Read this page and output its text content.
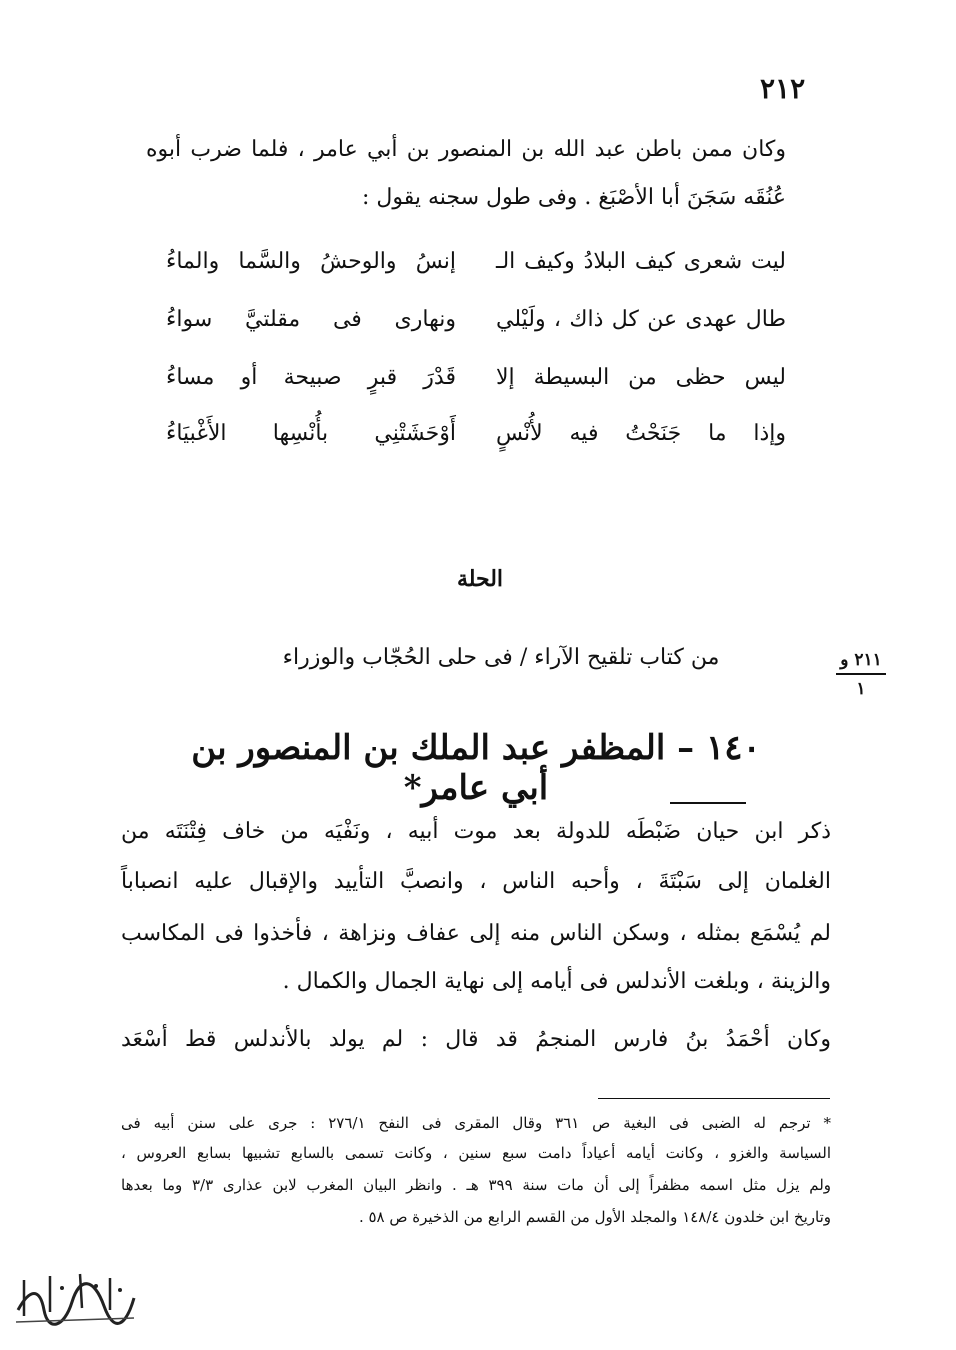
٢١٢
وكان ممن باطن عبد الله بن المنصور بن أبي عامر ، فلما ضرب أبوه
عُنُقَه سَجَنَ أبا الأصْبَغ . وفى طول سجنه يقول :
ليت شعرى كيف البلادُ وكيف الـ
إنسُ والوحشُ والسَّما والماءُ
طال عهدى عن كل ذاك ، ولَيْلي
ونهارى فى مقلتيَّ سواءُ
ليس حظى من البسيطة إلا
قَدْرَ قبرٍ صبيحة أو مساءُ
وإذا ما جَنَحْتُ فيه لأُنْسٍ
أَوْحَشَتْنِي بأُنْسِها الأَغْبيَاءُ
الحلة
من كتاب تلقيح الآراء / فى حلى الحُجّاب والوزراء	٢١١ و
١
١٤٠ – المظفر عبد الملك بن المنصور بن أبي عامر*
ذكر ابن حيان ضَبْطَه للدولة بعد موت أبيه ، ونَفْيَه من خاف فِتْنَتَه من
الغلمان إلى سَبْتَةَ ، وأحبه الناس ، وانصبَّ التأييد والإقبال عليه انصباباً
لم يُسْمَع بمثله ، وسكن الناس منه إلى عفاف ونزاهة ، فأخذوا فى المكاسب
والزينة ، وبلغت الأندلس فى أيامه إلى نهاية الجمال والكمال .
وكان أحْمَدُ بنُ فارس المنجمُ قد قال : لم يولد بالأندلس قط أسْعَد
* ترجم له الضبى فى البغية ص ٣٦١ وقال المقرى فى النفح ٢٧٦/١ : جرى على سنن أبيه فى
السياسة والغزو ، وكانت أيامه أعياداً دامت سبع سنين ، وكانت تسمى بالسابع تشبيها بسابع العروس ،
ولم يزل مثل اسمه مظفراً إلى أن مات سنة ٣٩٩ هـ . وانظر البيان المغرب لابن عذارى ٣/٣ وما بعدها
وتاريخ ابن خلدون ١٤٨/٤ والمجلد الأول من القسم الرابع من الذخيرة ص ٥٨ .
